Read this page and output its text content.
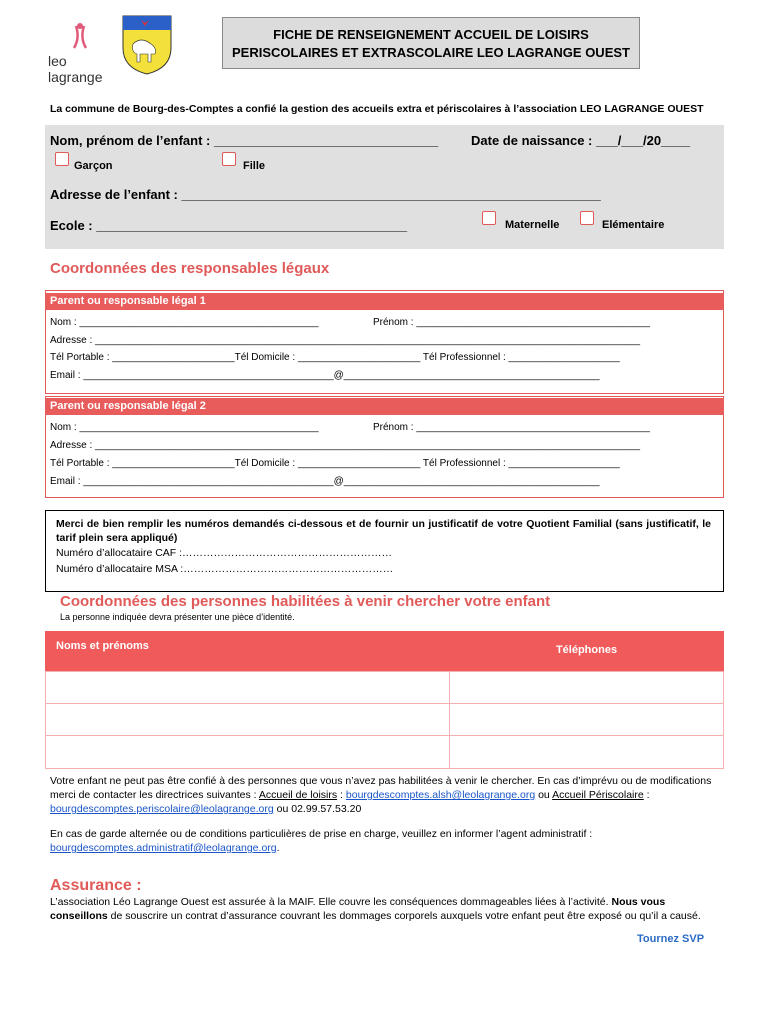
leo lagrange
FICHE DE RENSEIGNEMENT ACCUEIL DE LOISIRS
PERISCOLAIRES ET EXTRASCOLAIRE LEO LAGRANGE OUEST
La commune de Bourg-des-Comptes a confié la gestion des accueils extra et périscolaires à l’association LEO LAGRANGE OUEST
Nom, prénom de l’enfant : _______________________________	Date de naissance : ___/___/20____
Garçon	Fille
Adresse de l’enfant : __________________________________________________________
Ecole : ___________________________________________	Maternelle	Elémentaire
Coordonnées des responsables légaux
Parent ou responsable légal 1
Nom : ___________________________________________	Prénom : __________________________________________
Adresse : __________________________________________________________________________________________________
Tél Portable : ______________________Tél Domicile : ______________________ Tél Professionnel : ____________________
Email : _____________________________________________@______________________________________________
Parent ou responsable légal 2
Nom : ___________________________________________	Prénom : __________________________________________
Adresse : __________________________________________________________________________________________________
Tél Portable : ______________________Tél Domicile : ______________________ Tél Professionnel : ____________________
Email : _____________________________________________@______________________________________________
Merci de bien remplir les numéros demandés ci-dessous et de fournir un justificatif de votre Quotient Familial (sans justificatif, le tarif plein sera appliqué)
Numéro d’allocataire CAF :……………………………………………………
Numéro d’allocataire MSA :……………………………………………………
Coordonnées des personnes habilitées à venir chercher votre enfant
La personne indiquée devra présenter une pièce d’identité.
Noms et prénoms	Téléphones
Votre enfant ne peut pas être confié à des personnes que vous n’avez pas habilitées à venir le chercher. En cas d’imprévu ou de modifications merci de contacter les directrices suivantes : Accueil de loisirs : bourgdescomptes.alsh@leolagrange.org ou Accueil Périscolaire : bourgdescomptes.periscolaire@leolagrange.org ou 02.99.57.53.20
En cas de garde alternée ou de conditions particulières de prise en charge, veuillez en informer l’agent administratif : bourgdescomptes.administratif@leolagrange.org.
Assurance :
L’association Léo Lagrange Ouest est assurée à la MAIF. Elle couvre les conséquences dommageables liées à l’activité. Nous vous conseillons de souscrire un contrat d’assurance couvrant les dommages corporels auxquels votre enfant peut être exposé ou qu’il a causé.
Tournez SVP
